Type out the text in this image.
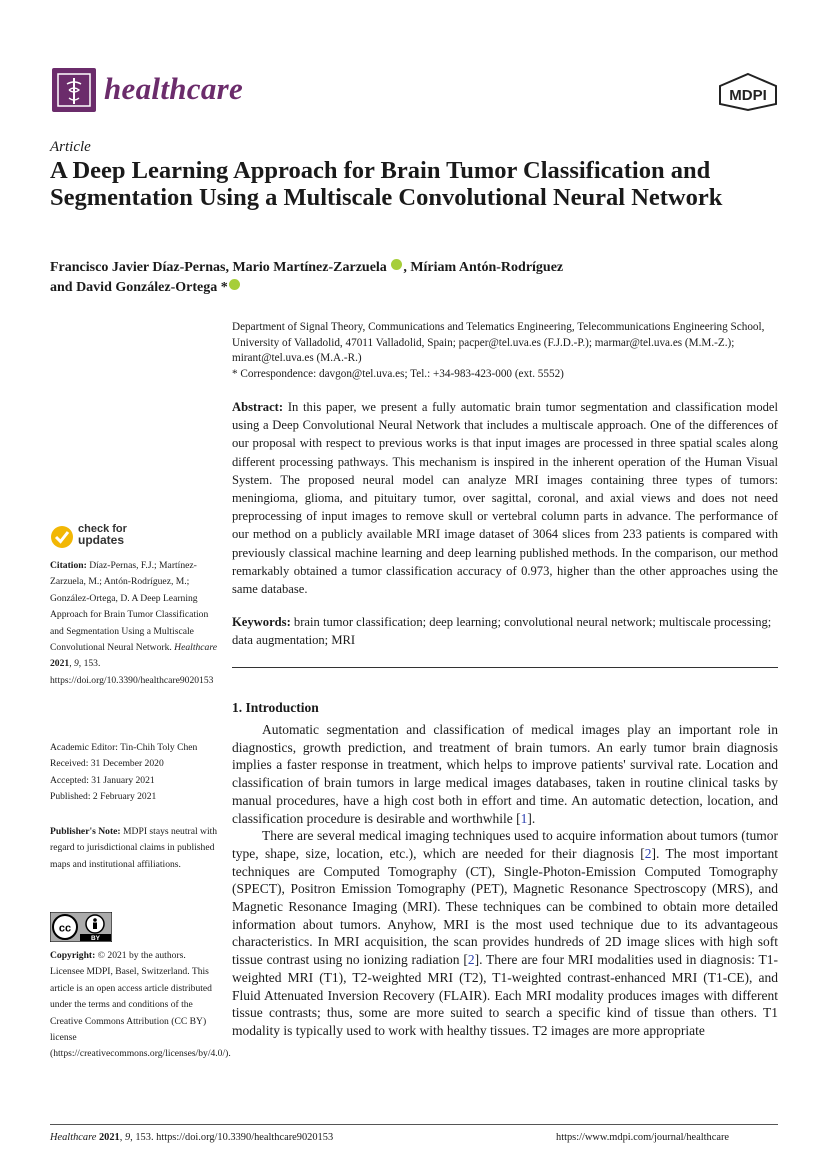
healthcare	MDPI
Article
A Deep Learning Approach for Brain Tumor Classification and Segmentation Using a Multiscale Convolutional Neural Network
Francisco Javier Díaz-Pernas, Mario Martínez-Zarzuela , Míriam Antón-Rodríguez
and David González-Ortega *
Department of Signal Theory, Communications and Telematics Engineering, Telecommunications Engineering School, University of Valladolid, 47011 Valladolid, Spain; pacper@tel.uva.es (F.J.D.-P.); marmar@tel.uva.es (M.M.-Z.); mirant@tel.uva.es (M.A.-R.)
* Correspondence: davgon@tel.uva.es; Tel.: +34-983-423-000 (ext. 5552)
Abstract: In this paper, we present a fully automatic brain tumor segmentation and classification model using a Deep Convolutional Neural Network that includes a multiscale approach. One of the differences of our proposal with respect to previous works is that input images are processed in three spatial scales along different processing pathways. This mechanism is inspired in the inherent operation of the Human Visual System. The proposed neural model can analyze MRI images containing three types of tumors: meningioma, glioma, and pituitary tumor, over sagittal, coronal, and axial views and does not need preprocessing of input images to remove skull or vertebral column parts in advance. The performance of our method on a publicly available MRI image dataset of 3064 slices from 233 patients is compared with previously classical machine learning and deep learning published methods. In the comparison, our method remarkably obtained a tumor classification accuracy of 0.973, higher than the other approaches using the same database.
Keywords: brain tumor classification; deep learning; convolutional neural network; multiscale processing; data augmentation; MRI
1. Introduction

Automatic segmentation and classification of medical images play an important role in diagnostics, growth prediction, and treatment of brain tumors. An early tumor brain diagnosis implies a faster response in treatment, which helps to improve patients' survival rate. Location and classification of brain tumors in large medical images databases, taken in routine clinical tasks by manual procedures, have a high cost both in effort and time. An automatic detection, location, and classification procedure is desirable and worthwhile [1].

There are several medical imaging techniques used to acquire information about tumors (tumor type, shape, size, location, etc.), which are needed for their diagnosis [2]. The most important techniques are Computed Tomography (CT), Single-Photon-Emission Computed Tomography (SPECT), Positron Emission Tomography (PET), Magnetic Resonance Spectroscopy (MRS), and Magnetic Resonance Imaging (MRI). These techniques can be combined to obtain more detailed information about tumors. Anyhow, MRI is the most used technique due to its advantageous characteristics. In MRI acquisition, the scan provides hundreds of 2D image slices with high soft tissue contrast using no ionizing radiation [2]. There are four MRI modalities used in diagnosis: T1-weighted MRI (T1), T2-weighted MRI (T2), T1-weighted contrast-enhanced MRI (T1-CE), and Fluid Attenuated Inversion Recovery (FLAIR). Each MRI modality produces images with different tissue contrasts; thus, some are more suited to search a specific kind of tissue than others. T1 modality is typically used to work with healthy tissues. T2 images are more appropriate

check for
updates
Citation: Díaz-Pernas, F.J.; Martínez-Zarzuela, M.; Antón-Rodríguez, M.; González-Ortega, D. A Deep Learning Approach for Brain Tumor Classification and Segmentation Using a Multiscale Convolutional Neural Network. Healthcare 2021, 9, 153. https://doi.org/10.3390/healthcare9020153
Academic Editor: Tin-Chih Toly Chen
Received: 31 December 2020
Accepted: 31 January 2021
Published: 2 February 2021
Publisher's Note: MDPI stays neutral with regard to jurisdictional claims in published maps and institutional affiliations.
cc
BY
Copyright: © 2021 by the authors. Licensee MDPI, Basel, Switzerland. This article is an open access article distributed under the terms and conditions of the Creative Commons Attribution (CC BY) license (https://creativecommons.org/licenses/by/4.0/).
Healthcare 2021, 9, 153. https://doi.org/10.3390/healthcare9020153	https://www.mdpi.com/journal/healthcare
